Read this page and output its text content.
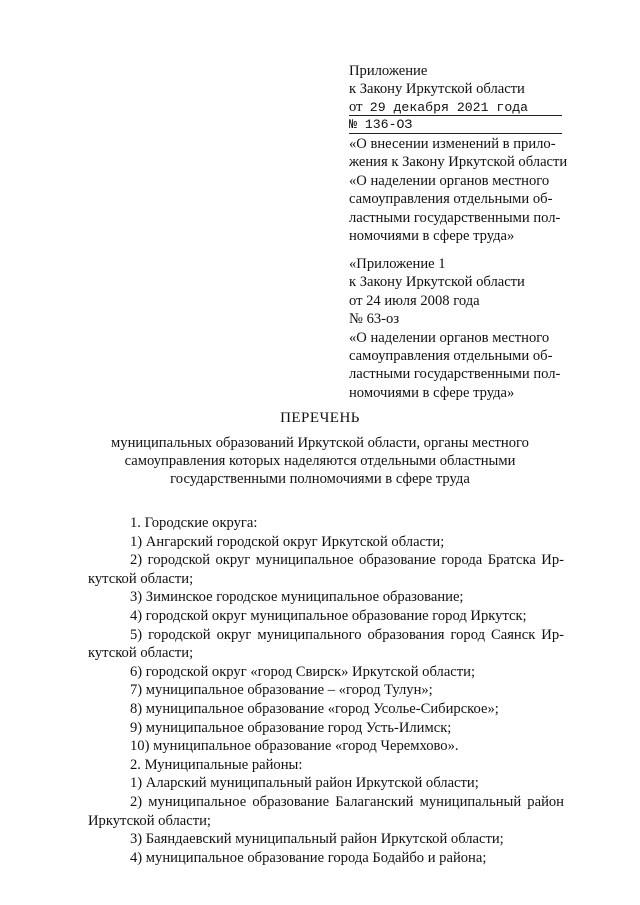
Приложение
к Закону Иркутской области
от 29 декабря 2021 года
№ 136-ОЗ
«О внесении изменений в прило-
жения к Закону Иркутской области
«О наделении органов местного
самоуправления отдельными об-
ластными государственными пол-
номочиями в сфере труда»
«Приложение 1
к Закону Иркутской области
от 24 июля 2008 года
№ 63-оз
«О наделении органов местного
самоуправления отдельными об-
ластными государственными пол-
номочиями в сфере труда»
ПЕРЕЧЕНЬ
муниципальных образований Иркутской области, органы местного
самоуправления которых наделяются отдельными областными
государственными полномочиями в сфере труда
1. Городские округа:
1) Ангарский городской округ Иркутской области;
2) городской округ муниципальное образование города Братска Ир-
кутской области;
3) Зиминское городское муниципальное образование;
4) городской округ муниципальное образование город Иркутск;
5) городской округ муниципального образования город Саянск Ир-
кутской области;
6) городской округ «город Свирск» Иркутской области;
7) муниципальное образование – «город Тулун»;
8) муниципальное образование «город Усолье-Сибирское»;
9) муниципальное образование город Усть-Илимск;
10) муниципальное образование «город Черемхово».
2. Муниципальные районы:
1) Аларский муниципальный район Иркутской области;
2) муниципальное образование Балаганский муниципальный район
Иркутской области;
3) Баяндаевский муниципальный район Иркутской области;
4) муниципальное образование города Бодайбо и района;
